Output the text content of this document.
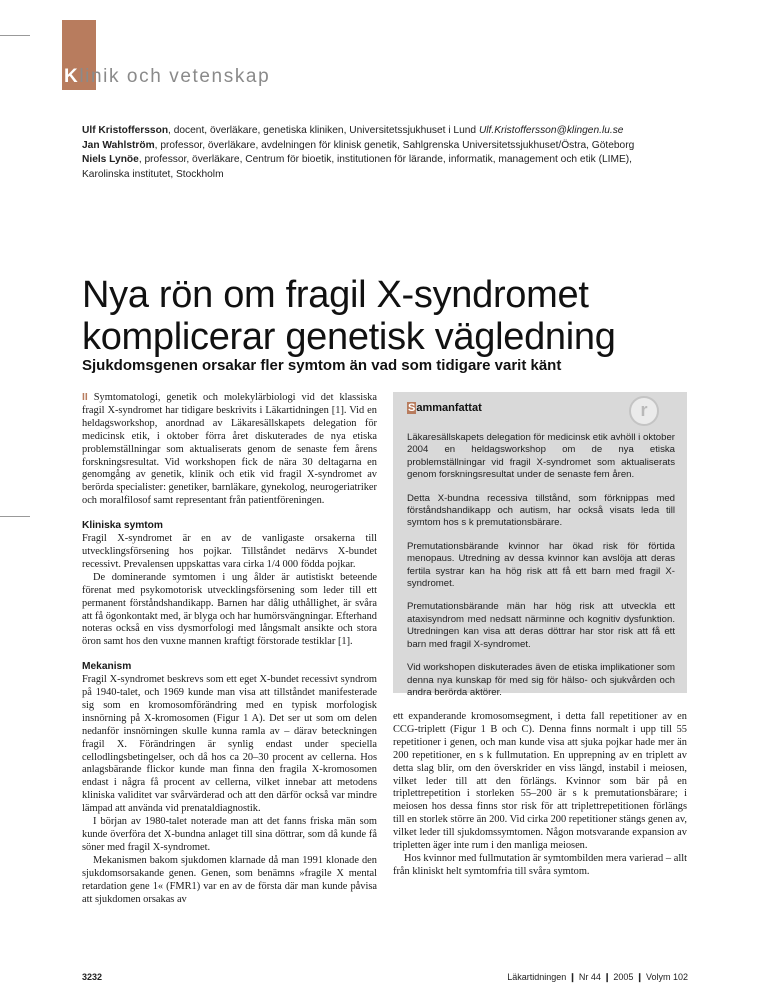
Klinik och vetenskap
Ulf Kristoffersson, docent, överläkare, genetiska kliniken, Universitetssjukhuset i Lund Ulf.Kristoffersson@klingen.lu.se
Jan Wahlström, professor, överläkare, avdelningen för klinisk genetik, Sahlgrenska Universitetssjukhuset/Östra, Göteborg
Niels Lynöe, professor, överläkare, Centrum för bioetik, institutionen för lärande, informatik, management och etik (LIME), Karolinska institutet, Stockholm
Nya rön om fragil X-syndromet komplicerar genetisk vägledning
Sjukdomsgenen orsakar fler symtom än vad som tidigare varit känt

II Symtomatologi, genetik och molekylärbiologi vid det klassiska fragil X-syndromet har tidigare beskrivits i Läkartidningen [1]. Vid en heldagsworkshop, anordnad av Läkaresällskapets delegation för medicinsk etik, i oktober förra året diskuterades de nya etiska problemställningar som aktualiserats genom de senaste fem årens forskningsresultat. Vid workshopen fick de nära 30 deltagarna en genomgång av genetik, klinik och etik vid fragil X-syndromet av berörda specialister: genetiker, barnläkare, gynekolog, neurogeriatriker och moralfilosof samt representant från patientföreningen.

Kliniska symtom

Fragil X-syndromet är en av de vanligaste orsakerna till utvecklingsförsening hos pojkar. Tillståndet nedärvs X-bundet recessivt. Prevalensen uppskattas vara cirka 1/4 000 födda pojkar.

De dominerande symtomen i ung ålder är autistiskt beteende förenat med psykomotorisk utvecklingsförsening som leder till ett permanent förståndshandikapp. Barnen har dålig uthållighet, är svåra att få ögonkontakt med, är blyga och har humörsvängningar. Efterhand noteras också en viss dysmorfologi med långsmalt ansikte och stora öron samt hos den vuxne mannen kraftigt förstorade testiklar [1].

Mekanism

Fragil X-syndromet beskrevs som ett eget X-bundet recessivt syndrom på 1940-talet, och 1969 kunde man visa att tillståndet manifesterade sig som en kromosomförändring med en typisk morfologisk insnörning på X-kromosomen (Figur 1 A). Det ser ut som om delen nedanför insnörningen skulle kunna ramla av – därav beteckningen fragil X. Förändringen är synlig endast under speciella cellodlingsbetingelser, och då hos ca 20–30 procent av cellerna. Hos anlagsbärande flickor kunde man finna den fragila X-kromosomen endast i några få procent av cellerna, vilket innebar att metodens kliniska validitet var svårvärderad och att den därför också var mindre lämpad att använda vid prenataldiagnostik.

I början av 1980-talet noterade man att det fanns friska män som kunde överföra det X-bundna anlaget till sina döttrar, som då kunde få söner med fragil X-syndromet.

Mekanismen bakom sjukdomen klarnade då man 1991 klonade den sjukdomsorsakande genen. Genen, som benämns »fragile X mental retardation gene 1« (FMR1) var en av de första där man kunde påvisa att sjukdomen orsakas av

Sammanfattat	r

Läkaresällskapets delegation för medicinsk etik avhöll i oktober 2004 en heldagsworkshop om de nya etiska problemställningar vid fragil X-syndromet som aktualiserats genom forskningsresultat under de senaste fem åren.

Detta X-bundna recessiva tillstånd, som förknippas med förståndshandikapp och autism, har också visats leda till symtom hos s k premutationsbärare.

Premutationsbärande kvinnor har ökad risk för förtida menopaus. Utredning av dessa kvinnor kan avslöja att deras fertila systrar kan ha hög risk att få ett barn med fragil X-syndromet.

Premutationsbärande män har hög risk att utveckla ett ataxisyndrom med nedsatt närminne och kognitiv dysfunktion. Utredningen kan visa att deras döttrar har stor risk att få ett barn med fragil X-syndromet.

Vid workshopen diskuterades även de etiska implikationer som denna nya kunskap för med sig för hälso- och sjukvården och andra berörda aktörer.

ett expanderande kromosomsegment, i detta fall repetitioner av en CCG-triplett (Figur 1 B och C). Denna finns normalt i upp till 55 repetitioner i genen, och man kunde visa att sjuka pojkar hade mer än 200 repetitioner, en s k fullmutation. En upprepning av en triplett av detta slag blir, om den överskrider en viss längd, instabil i meiosen, vilket leder till att den förlängs. Kvinnor som bär på en triplettrepetition i storleken 55–200 är s k premutationsbärare; i meiosen hos dessa finns stor risk för att triplettrepetitionen förlängs till en storlek större än 200. Vid cirka 200 repetitioner stängs genen av, vilket leder till sjukdomssymtomen. Någon motsvarande expansion av tripletten äger inte rum i den manliga meiosen.

Hos kvinnor med fullmutation är symtombilden mera varierad – allt från kliniskt helt symtomfria till svåra symtom.

3232	Läkartidningen ❙ Nr 44 ❙ 2005 ❙ Volym 102
